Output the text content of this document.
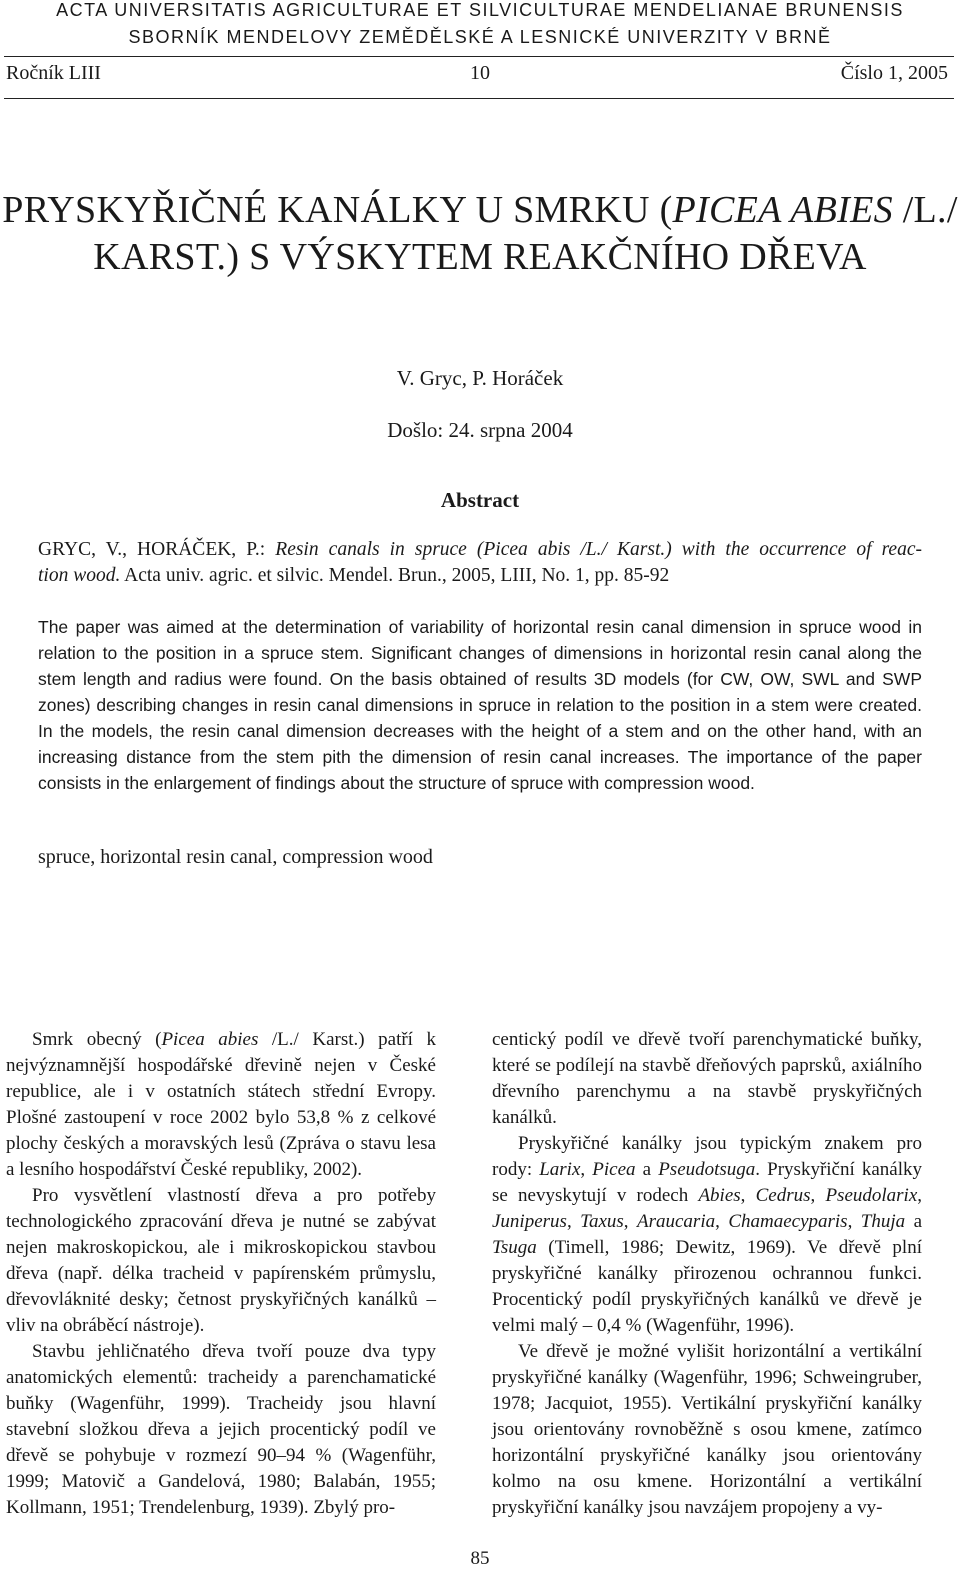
ACTA UNIVERSITATIS AGRICULTURAE ET SILVICULTURAE MENDELIANAE BRUNENSIS
SBORNÍK MENDELOVY ZEMĚDĚLSKÉ A LESNICKÉ UNIVERZITY V BRNĚ
Ročník LIII	10	Číslo 1, 2005
PRYSKYŘIČNÉ KANÁLKY U SMRKU (PICEA ABIES /L./
KARST.) S VÝSKYTEM REAKČNÍHO DŘEVA
V. Gryc, P. Horáček
Došlo: 24. srpna 2004
Abstract
GRYC, V., HORÁČEK, P.: Resin canals in spruce (Picea abis /L./ Karst.) with the occurrence of reac-
tion wood. Acta univ. agric. et silvic. Mendel. Brun., 2005, LIII, No. 1, pp. 85-92
The paper was aimed at the determination of variability of horizontal resin canal dimension in spruce wood in relation to the position in a spruce stem. Significant changes of dimensions in horizontal resin canal along the stem length and radius were found. On the basis obtained of results 3D models (for CW, OW, SWL and SWP zones) describing changes in resin canal dimensions in spruce in relation to the position in a stem were created. In the models, the resin canal dimension decreases with the height of a stem and on the other hand, with an increasing distance from the stem pith the dimension of resin canal increases. The importance of the paper consists in the enlargement of findings about the structure of spruce with compression wood.
spruce, horizontal resin canal, compression wood

Smrk obecný (Picea abies /L./ Karst.) patří k nejvýznamnější hospodářské dřevině nejen v České republice, ale i v ostatních státech střední Evropy. Plošné zastoupení v roce 2002 bylo 53,8 % z celkové plochy českých a moravských lesů (Zpráva o stavu lesa a lesního hospodářství České republiky, 2002).

Pro vysvětlení vlastností dřeva a pro potřeby technologického zpracování dřeva je nutné se zabývat nejen makroskopickou, ale i mikroskopickou stavbou dřeva (např. délka tracheid v papírenském průmyslu, dřevovláknité desky; četnost pryskyřičných kanálků – vliv na obráběcí nástroje).

Stavbu jehličnatého dřeva tvoří pouze dva typy anatomických elementů: tracheidy a parenchamatické buňky (Wagenführ, 1999). Tracheidy jsou hlavní stavební složkou dřeva a jejich procentický podíl ve dřevě se pohybuje v rozmezí 90–94 % (Wagenführ, 1999; Matovič a Gandelová, 1980; Balabán, 1955; Kollmann, 1951; Trendelenburg, 1939). Zbylý pro-

centický podíl ve dřevě tvoří parenchymatické buňky, které se podílejí na stavbě dřeňových paprsků, axiálního dřevního parenchymu a na stavbě pryskyřičných kanálků.

Pryskyřičné kanálky jsou typickým znakem pro rody: Larix, Picea a Pseudotsuga. Pryskyřiční kanálky se nevyskytují v rodech Abies, Cedrus, Pseudolarix, Juniperus, Taxus, Araucaria, Chamaecyparis, Thuja a Tsuga (Timell, 1986; Dewitz, 1969). Ve dřevě plní pryskyřičné kanálky přirozenou ochrannou funkci. Procentický podíl pryskyřičných kanálků ve dřevě je velmi malý – 0,4 % (Wagenführ, 1996).

Ve dřevě je možné vylišit horizontální a vertikální pryskyřičné kanálky (Wagenführ, 1996; Schweingruber, 1978; Jacquiot, 1955). Vertikální pryskyřiční kanálky jsou orientovány rovnoběžně s osou kmene, zatímco horizontální pryskyřičné kanálky jsou orientovány kolmo na osu kmene. Horizontální a vertikální pryskyřiční kanálky jsou navzájem propojeny a vy-

85
